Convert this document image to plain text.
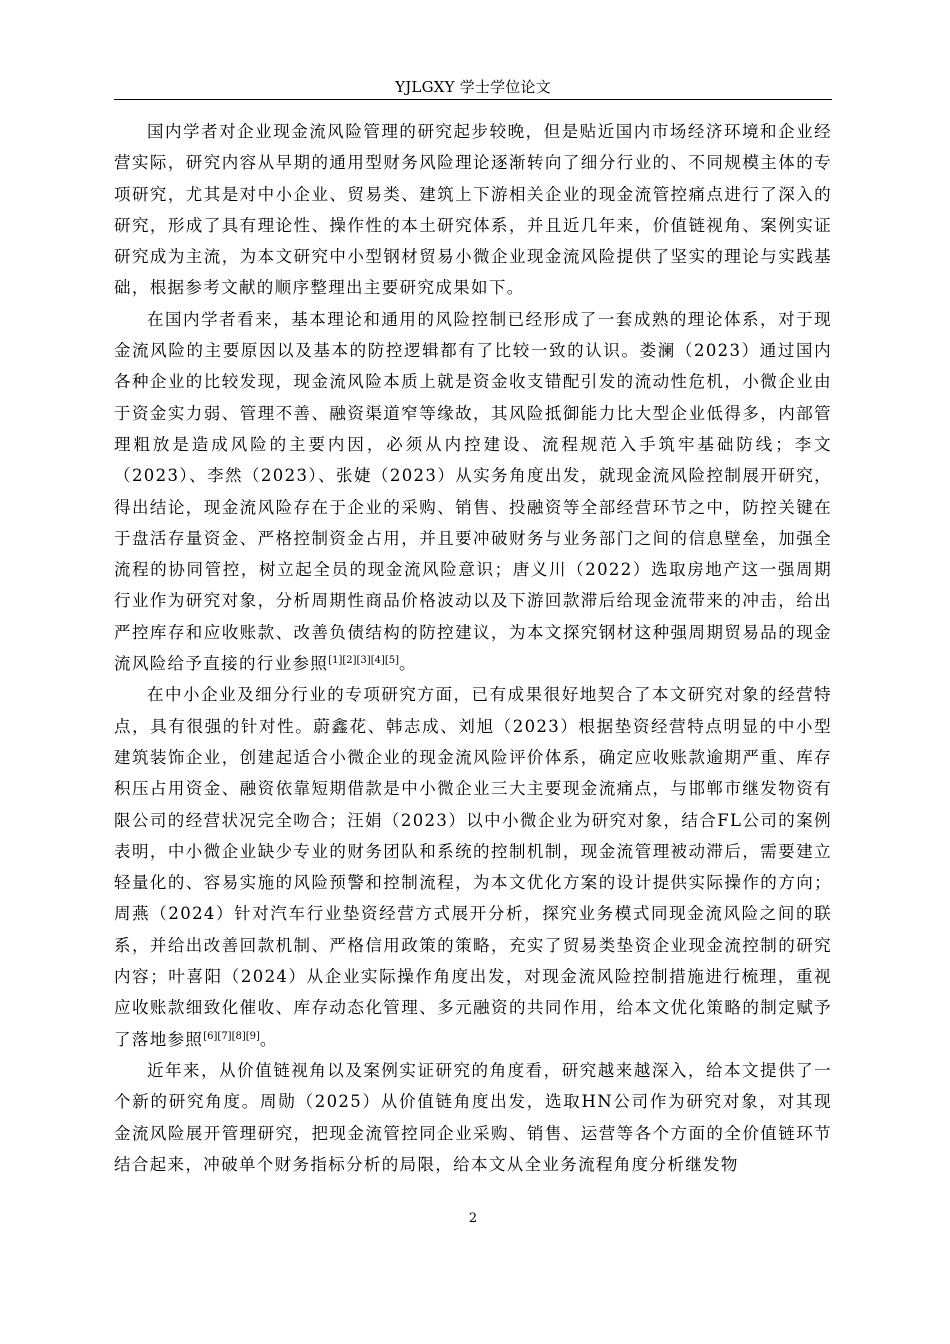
YJLGXY 学士学位论文

国内学者对企业现金流风险管理的研究起步较晚，但是贴近国内市场经济环境和企业经营实际，研究内容从早期的通用型财务风险理论逐渐转向了细分行业的、不同规模主体的专项研究，尤其是对中小企业、贸易类、建筑上下游相关企业的现金流管控痛点进行了深入的研究，形成了具有理论性、操作性的本土研究体系，并且近几年来，价值链视角、案例实证研究成为主流，为本文研究中小型钢材贸易小微企业现金流风险提供了坚实的理论与实践基础，根据参考文献的顺序整理出主要研究成果如下。

在国内学者看来，基本理论和通用的风险控制已经形成了一套成熟的理论体系，对于现金流风险的主要原因以及基本的防控逻辑都有了比较一致的认识。娄澜（2023）通过国内各种企业的比较发现，现金流风险本质上就是资金收支错配引发的流动性危机，小微企业由于资金实力弱、管理不善、融资渠道窄等缘故，其风险抵御能力比大型企业低得多，内部管理粗放是造成风险的主要内因，必须从内控建设、流程规范入手筑牢基础防线；李文（2023）、李然（2023）、张婕（2023）从实务角度出发，就现金流风险控制展开研究，得出结论，现金流风险存在于企业的采购、销售、投融资等全部经营环节之中，防控关键在于盘活存量资金、严格控制资金占用，并且要冲破财务与业务部门之间的信息壁垒，加强全流程的协同管控，树立起全员的现金流风险意识；唐义川（2022）选取房地产这一强周期行业作为研究对象，分析周期性商品价格波动以及下游回款滞后给现金流带来的冲击，给出严控库存和应收账款、改善负债结构的防控建议，为本文探究钢材这种强周期贸易品的现金流风险给予直接的行业参照[1][2][3][4][5]。

在中小企业及细分行业的专项研究方面，已有成果很好地契合了本文研究对象的经营特点，具有很强的针对性。蔚鑫花、韩志成、刘旭（2023）根据垫资经营特点明显的中小型建筑装饰企业，创建起适合小微企业的现金流风险评价体系，确定应收账款逾期严重、库存积压占用资金、融资依靠短期借款是中小微企业三大主要现金流痛点，与邯郸市继发物资有限公司的经营状况完全吻合；汪娟（2023）以中小微企业为研究对象，结合FL公司的案例表明，中小微企业缺少专业的财务团队和系统的控制机制，现金流管理被动滞后，需要建立轻量化的、容易实施的风险预警和控制流程，为本文优化方案的设计提供实际操作的方向；周燕（2024）针对汽车行业垫资经营方式展开分析，探究业务模式同现金流风险之间的联系，并给出改善回款机制、严格信用政策的策略，充实了贸易类垫资企业现金流控制的研究内容；叶喜阳（2024）从企业实际操作角度出发，对现金流风险控制措施进行梳理，重视应收账款细致化催收、库存动态化管理、多元融资的共同作用，给本文优化策略的制定赋予了落地参照[6][7][8][9]。

近年来，从价值链视角以及案例实证研究的角度看，研究越来越深入，给本文提供了一个新的研究角度。周勋（2025）从价值链角度出发，选取HN公司作为研究对象，对其现金流风险展开管理研究，把现金流管控同企业采购、销售、运营等各个方面的全价值链环节结合起来，冲破单个财务指标分析的局限，给本文从全业务流程角度分析继发物

2
